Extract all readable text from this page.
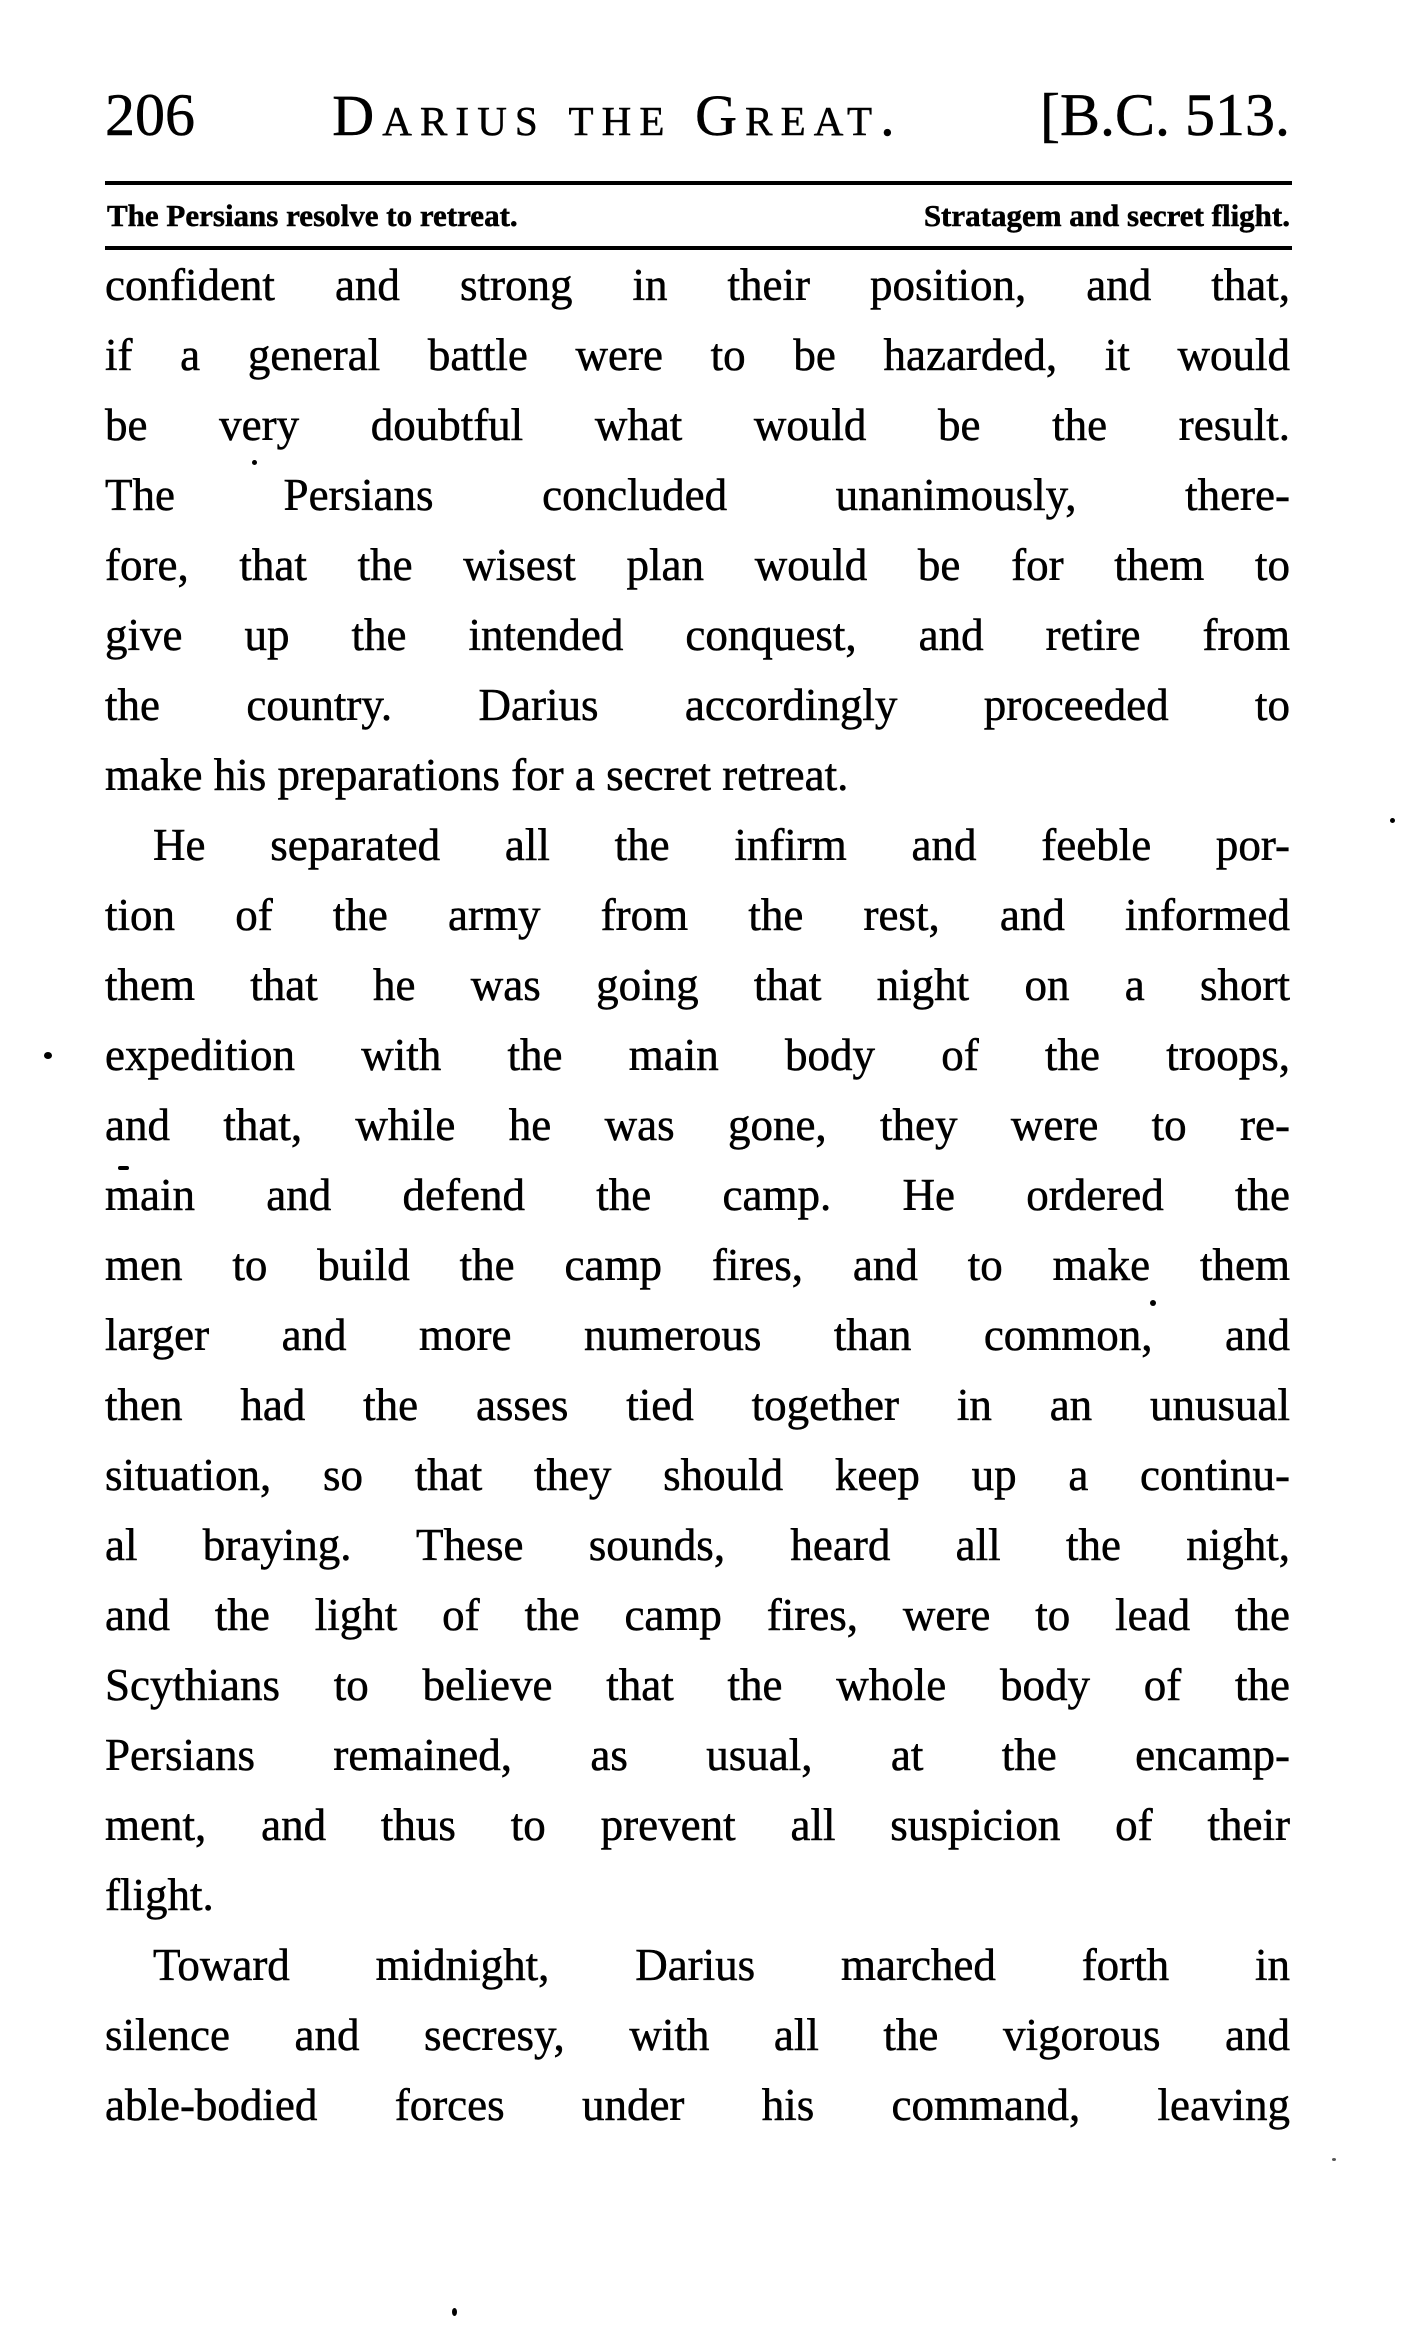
206	Darius the Great.	[B.C. 513.
The Persians resolve to retreat.	Stratagem and secret flight.
confident and strong in their position, and that,
if a general battle were to be hazarded, it would
be very doubtful what would be the result.
The Persians concluded unanimously, there-
fore, that the wisest plan would be for them to
give up the intended conquest, and retire from
the country. Darius accordingly proceeded to
make his preparations for a secret retreat.
He separated all the infirm and feeble por-
tion of the army from the rest, and informed
them that he was going that night on a short
expedition with the main body of the troops,
and that, while he was gone, they were to re-
main and defend the camp. He ordered the
men to build the camp fires, and to make them
larger and more numerous than common, and
then had the asses tied together in an unusual
situation, so that they should keep up a continu-
al braying. These sounds, heard all the night,
and the light of the camp fires, were to lead the
Scythians to believe that the whole body of the
Persians remained, as usual, at the encamp-
ment, and thus to prevent all suspicion of their
flight.
Toward midnight, Darius marched forth in
silence and secresy, with all the vigorous and
able-bodied forces under his command, leaving
